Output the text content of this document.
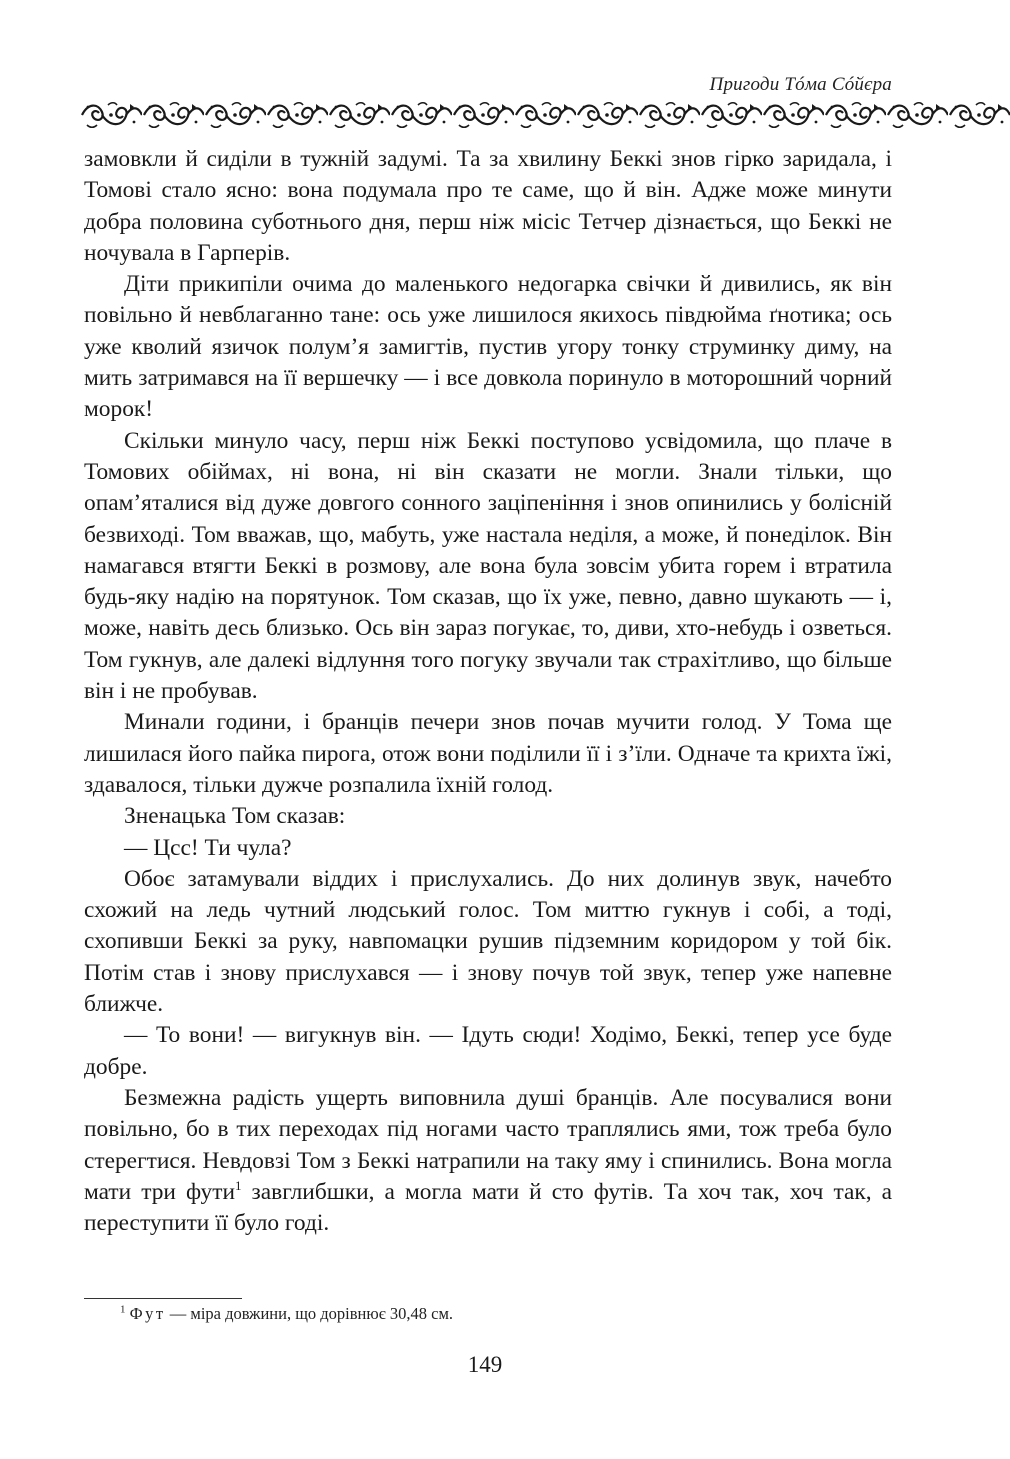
Пригоди Тóма Сóйєра

замовкли й сиділи в тужній задумі. Та за хвилину Беккі знов гірко заридала, і Томові стало ясно: вона подумала про те саме, що й він. Адже може минути добра половина суботнього дня, перш ніж місіс Тетчер дізнається, що Беккі не ночувала в Гарперів.

Діти прикипіли очима до маленького недогарка свічки й дивились, як він повільно й невблаганно тане: ось уже лишилося якихось півдюйма ґнотика; ось уже кволий язичок полум’я замигтів, пустив угору тонку струминку диму, на мить затримався на її вершечку — і все довкола поринуло в моторошний чорний морок!

Скільки минуло часу, перш ніж Беккі поступово усвідомила, що плаче в Томових обіймах, ні вона, ні він сказати не могли. Знали тільки, що опам’яталися від дуже довгого сонного заціпеніння і знов опинились у болісній безвиході. Том вважав, що, мабуть, уже настала неділя, а може, й понеділок. Він намагався втягти Беккі в розмову, але вона була зовсім убита горем і втратила будь-яку надію на порятунок. Том сказав, що їх уже, певно, давно шукають — і, може, навіть десь близько. Ось він зараз погукає, то, диви, хто-небудь і озветься. Том гукнув, але далекі відлуння того погуку звучали так страхітливо, що більше він і не пробував.

Минали години, і бранців печери знов почав мучити голод. У Тома ще лишилася його пайка пирога, отож вони поділили її і з’їли. Одначе та крихта їжі, здавалося, тільки дужче розпалила їхній голод.

Зненацька Том сказав:

— Цсс! Ти чула?

Обоє затамували віддих і прислухались. До них долинув звук, начебто схожий на ледь чутний людський голос. Том миттю гукнув і собі, а тоді, схопивши Беккі за руку, навпомацки рушив підземним коридором у той бік. Потім став і знову прислухався — і знову почув той звук, тепер уже напевне ближче.

— То вони! — вигукнув він. — Ідуть сюди! Ходімо, Беккі, тепер усе буде добре.

Безмежна радість ущерть виповнила душі бранців. Але посувалися вони повільно, бо в тих переходах під ногами часто траплялись ями, тож треба було стерегтися. Невдовзі Том з Беккі натрапили на таку яму і спинились. Вона могла мати три фути$^1$ завглибшки, а могла мати й сто футів. Та хоч так, хоч так, а переступити її було годі.

$^1$ Фут — міра довжини, що дорівнює 30,48 см.
149
